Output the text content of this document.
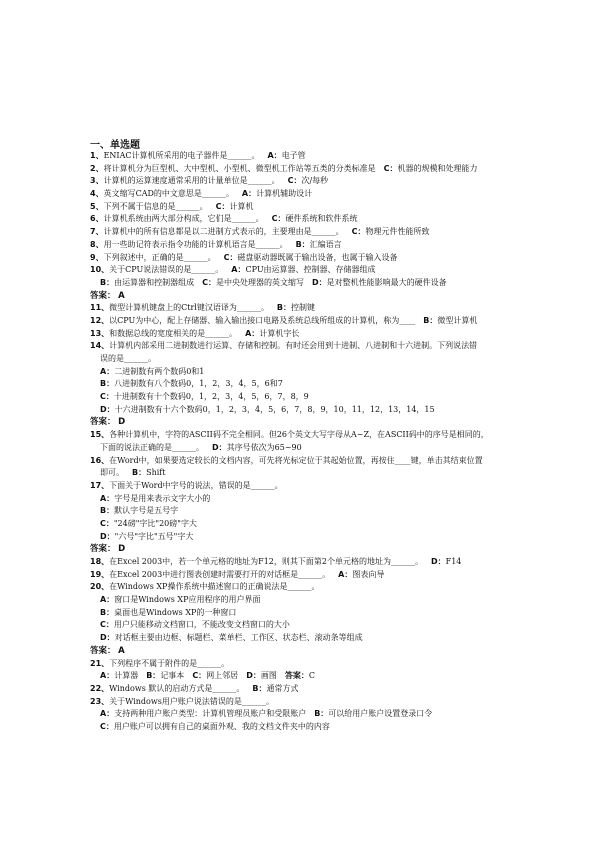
一、单选题
1、ENIAC计算机所采用的电子器件是______。 A：电子管
2、将计算机分为巨型机、大中型机、小型机、微型机工作站等五类的分类标准是 C：机器的规模和处理能力
3、计算机的运算速度通常采用的计量单位是______。 C：次/每秒
4、英文缩写CAD的中文意思是______。 A：计算机辅助设计
5、下列不属于信息的是______。 C：计算机
6、计算机系统由两大部分构成，它们是______。 C：硬件系统和软件系统
7、计算机中的所有信息都是以二进制方式表示的，主要理由是______。 C：物理元件性能所致
8、用一些助记符表示指令功能的计算机语言是______。 B：汇编语言
9、下列叙述中，正确的是______。 C：磁盘驱动器既属于输出设备，也属于输入设备
10、关于CPU说法错误的是______。 A：CPU由运算器、控制器、存储器组成
B：由运算器和控制器组成 C：是中央处理器的英文缩写 D：是对整机性能影响最大的硬件设备
答案： A
11、微型计算机键盘上的Ctrl键汉语译为______。 B：控制键
12、以CPU为中心，配上存储器、输入输出接口电路及系统总线所组成的计算机，称为____ B：微型计算机
13、和数据总线的宽度相关的是______。 A：计算机字长
14、计算机内部采用二进制数进行运算、存储和控制。有时还会用到十进制、八进制和十六进制。下列说法错
误的是______。
A：二进制数有两个数码0和1
B：八进制数有八个数码0，1，2，3，4，5，6和7
C：十进制数有十个数码0，1，2，3，4，5，6，7，8，9
D：十六进制数有十六个数码0，1，2，3，4，5，6，7，8，9，10，11，12，13，14，15
答案： D
15、各种计算机中，字符的ASCII码不完全相同。但26个英文大写字母从A~Z，在ASCII码中的序号是相同的，
下面的说法正确的是______。 D：其序号依次为65~90
16、在Word中，如果要选定较长的文档内容，可先将光标定位于其起始位置，再按住____键，单击其结束位置
即可。 B：Shift
17、下面关于Word中字号的说法，错误的是______。
A：字号是用来表示文字大小的
B：默认字号是五号字
C："24磅"字比"20磅"字大
D："六号"字比"五号"字大
答案： D
18、在Excel 2003中，若一个单元格的地址为F12，则其下面第2个单元格的地址为______。 D：F14
19、在Excel 2003中进行图表创建时需要打开的对话框是______。 A：图表向导
20、在Windows XP操作系统中描述窗口的正确说法是______。
A：窗口是Windows XP应用程序的用户界面
B：桌面也是Windows XP的一种窗口
C：用户只能移动文档窗口，不能改变文档窗口的大小
D：对话框主要由边框、标题栏、菜单栏、工作区、状态栏、滚动条等组成
答案： A
21、下列程序不属于附件的是______。
A：计算器 B：记事本 C：网上邻居 D：画图 答案：C
22、Windows 默认的启动方式是______。 B：通常方式
23、关于Windows用户账户说法错误的是______。
A：支持两种用户账户类型：计算机管理员账户和受限账户 B：可以给用户账户设置登录口令
C：用户账户可以拥有自己的桌面外观、我的文档文件夹中的内容
